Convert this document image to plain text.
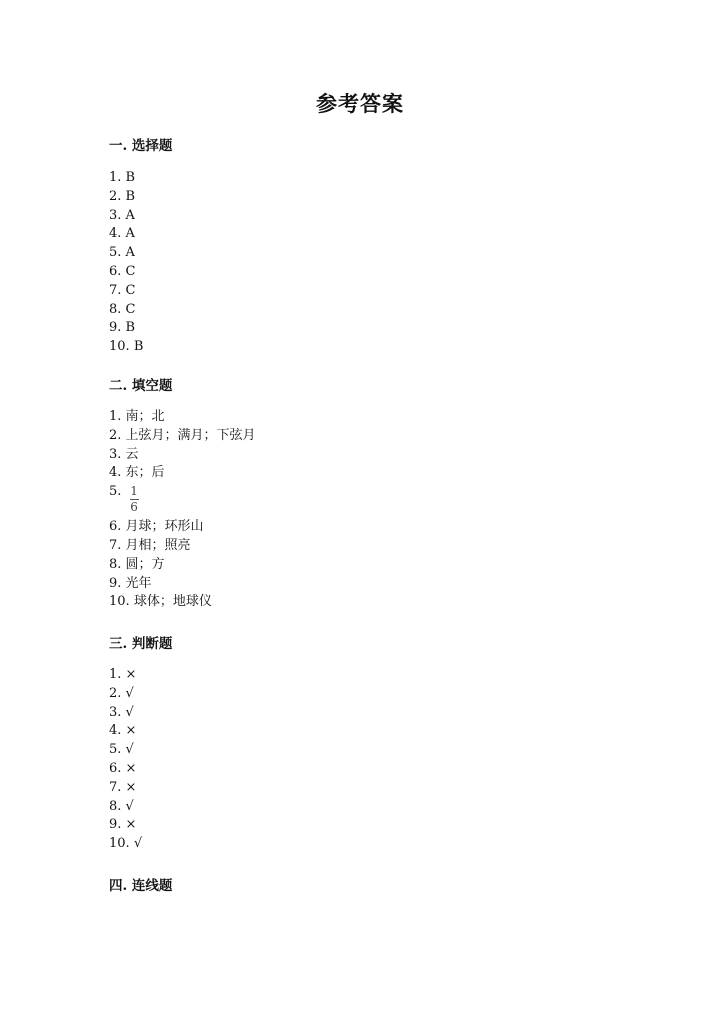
参考答案
一. 选择题
1. B
2. B
3. A
4. A
5. A
6. C
7. C
8. C
9. B
10. B
二. 填空题
1. 南；北
2. 上弦月；满月；下弦月
3. 云
4. 东；后
5. $\frac{1}{6}$
6. 月球；环形山
7. 月相；照亮
8. 圆；方
9. 光年
10. 球体；地球仪
三. 判断题
1. ×
2. √
3. √
4. ×
5. √
6. ×
7. ×
8. √
9. ×
10. √
四. 连线题
